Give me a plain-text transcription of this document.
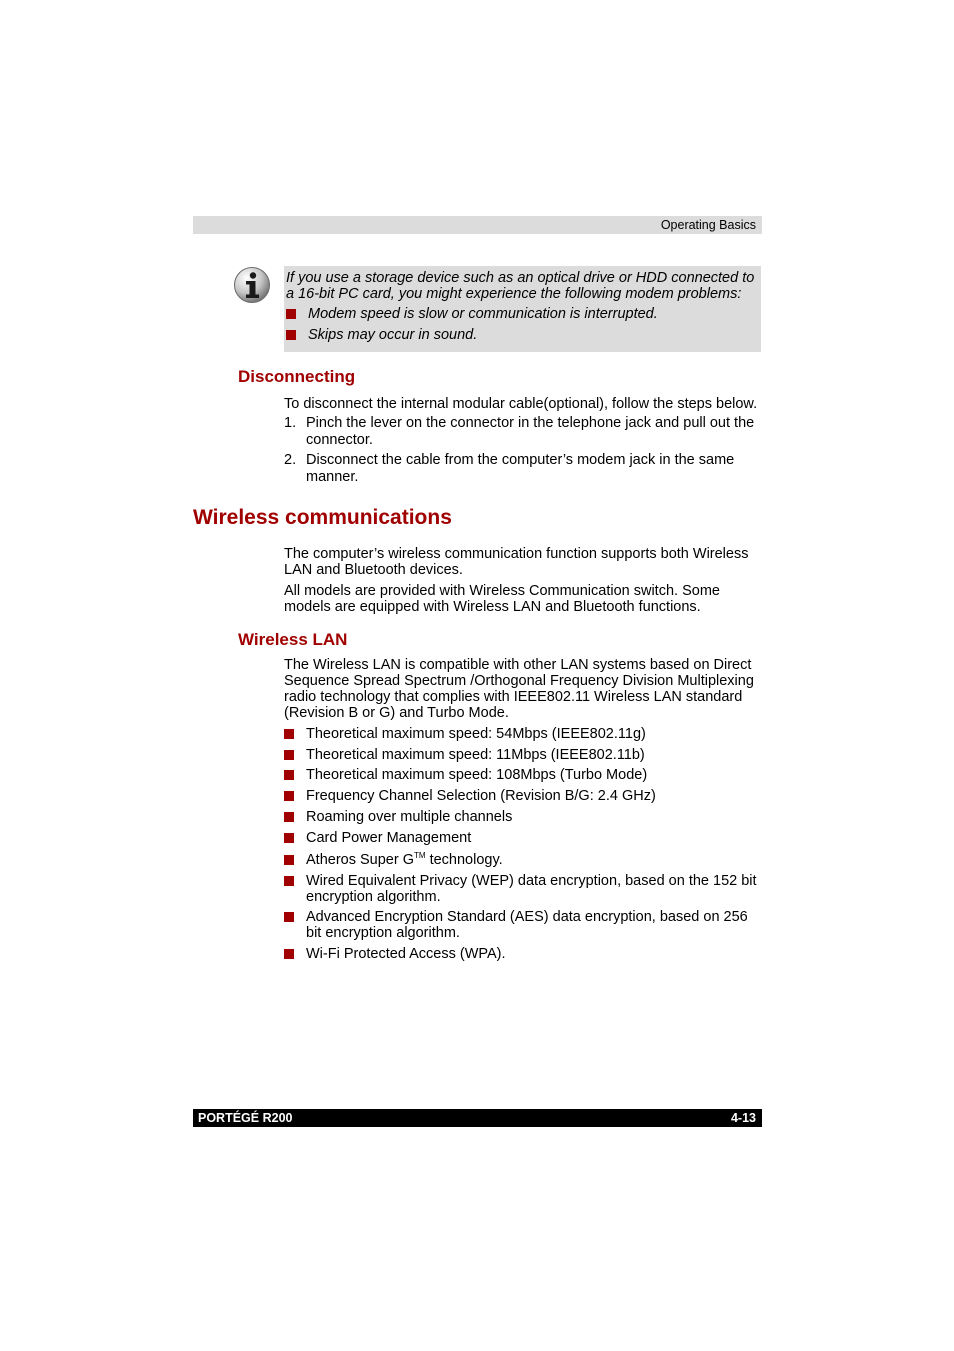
Operating Basics
If you use a storage device such as an optical drive or HDD connected to a 16-bit PC card, you might experience the following modem problems:
Modem speed is slow or communication is interrupted.
Skips may occur in sound.
Disconnecting
To disconnect the internal modular cable(optional), follow the steps below.
1. Pinch the lever on the connector in the telephone jack and pull out the connector.
2. Disconnect the cable from the computer’s modem jack in the same manner.
Wireless communications
The computer’s wireless communication function supports both Wireless LAN and Bluetooth devices.
All models are provided with Wireless Communication switch. Some models are equipped with Wireless LAN and Bluetooth functions.
Wireless LAN
The Wireless LAN is compatible with other LAN systems based on Direct Sequence Spread Spectrum /Orthogonal Frequency Division Multiplexing radio technology that complies with IEEE802.11 Wireless LAN standard (Revision B or G) and Turbo Mode.
Theoretical maximum speed: 54Mbps (IEEE802.11g)
Theoretical maximum speed: 11Mbps (IEEE802.11b)
Theoretical maximum speed: 108Mbps (Turbo Mode)
Frequency Channel Selection (Revision B/G: 2.4 GHz)
Roaming over multiple channels
Card Power Management
Atheros Super G™ technology.
Wired Equivalent Privacy (WEP) data encryption, based on the 152 bit encryption algorithm.
Advanced Encryption Standard (AES) data encryption, based on 256 bit encryption algorithm.
Wi-Fi Protected Access (WPA).
PORTÉGÉ R200	4-13
